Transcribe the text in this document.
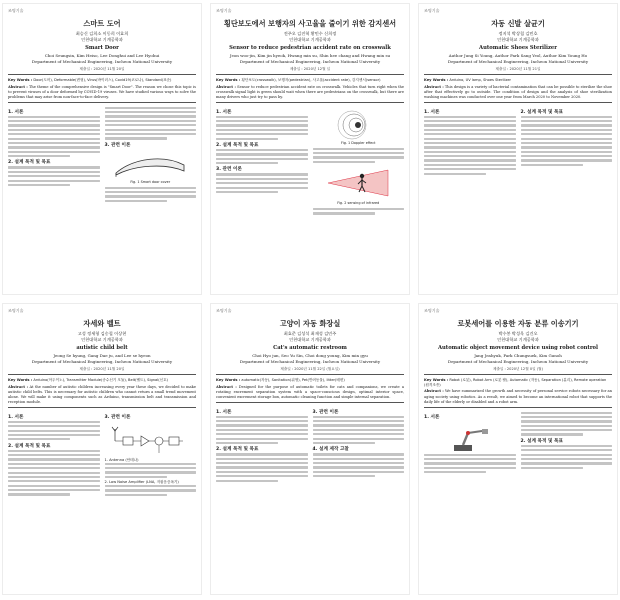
조명기술
스마트 도어
최승신 김희소 이동희 이효희
인천대학교 기계공학과
Smart Door
Choi Seungsin, Kim Heiso, Lee Donghui and Lee Hyohui
Department of Mechanical Engineering, Incheon National University
제출일 : 2020년 11월 20일
Key Words : Door(도어), Deformable(변형), Virus(바이러스), Covid19(코로나), Standard(표준)
Abstract : The theme of the comprehensive design is "Smart Door". The reason we chose this topic is to prevent viruses of a door deformed by COVID-19 viruses. We have studied various ways to solve the problems that may arise from non-face-to-face delivery.
1. 서론
2. 설계 목적 및 목표
3. 관련 이론
Fig. 1 Smart door cover
조명기술
횡단보도에서 보행자의 사고율을 줄이기 위한 감지센서
전주오 김진혁 황민수 신희정
인천대학교 기계공학과
Sensor to reduce pedestrian accident rate on crosswalk
Jeon woo-jin, Kim jin hyeok, Hwang min su, Shin hee chang and Hwang min su
Department of Mechanical Engineering, Incheon National University
제출일 : 2020년 12월 일
Key Words : 횡단보도(crosswalk), 보행자(pedestrian), 사고율(accident rate), 감지센서(sensor)
Abstract : Sensor to reduce pedestrian accident rate on crosswalk. Vehicles that turn right when the crosswalk signal light is green should wait when there are pedestrians on the crosswalk, but there are many drivers who just try to pass by.
1. 서론
2. 설계 목적 및 목표
3. 관련 이론
Fig. 1 Doppler effect
Fig. 2 sensing of infrared
조명기술
자동 신발 살균기
정지석 박상철 김민호
인천대학교 기계공학과
Automatic Shoes Sterilizer
Author Jung Si Young, Author Park Sang Yeol, Author Kim Young Ho
Department of Mechanical Engineering, Incheon National University
제출일 : 2020년 11월 21일
Key Words : Arduino, UV lamp, Shoes Sterilizer
Abstract : This design is a variety of bacterial contamination that can be possible to sterilize the shoe after that effectively go to outside. The condition of design and the analysis of shoe sterilization washing machines was conducted over one year from March 2020 to November 2020.
1. 서론	2. 설계 목적 및 목표
조명기술
자세와 벨트
고성 정세형 김숭철 이상현
인천대학교 기계공학과
autistic child belt
Jeong Se hyung, Gang Dae ju, and Lee se hyeon
Department of Mechanical Engineering, Incheon National University
제출일 : 2020년 11월 20일
Key Words : Arduino(아두이노), Transmitter Module(송수신기 모듈), Belt(벨트), Signal(신호)
Abstract : At the number of autistic children increasing every year these days, we decided to make autistic child belts. This is necessary for autistic children who cannot return a small trend movement alone. We will make it using components such as Arduino, transmission belt and transmission and reception module.
1. 서론
2. 설계 목적 및 목표
3. 관련 이론
1. Antenna (안테나)
2. Low Noise Amplifier (LNA, 저잡음증폭기)
조명기술
고양이 자동 화장실
최효준 김성석 최재성 김민주
인천대학교 기계공학과
Cat's automatic restroom
Choi Hyo jun, Seo Yu Sin, Choi dong young, Kim min gyu
Department of Mechanical Engineering, Incheon National University
제출일 : 2020년 11월 22일 (월요일)
Key Words : automatic(자동), Sanitation(위생), Pet(반려동물), litter(배변)
Abstract : Designed for the purpose of automatic toilets for cats and companions, we create a rotating excrement separation system with a space-conscious design, optimal interior space, convenient excrement storage box, automatic cleaning function and simple internal separation.
1. 서론
2. 설계 목적 및 목표
3. 관련 이론
4. 설계 제작 고찰
조명기술
로봇세어를 이용한 자동 분류 이송기기
박수봉 박성욱 김건오
인천대학교 기계공학과
Automatic object movement device using robot control
Jang Jeahyuk, Park Chungsuek, Kim Gunoh
Department of Mechanical Engineering, Incheon National University
제출일 : 2020년 12월 0일 (월)
Key Words : Robot (로봇), Robot Arm (로봇 팔), Automatic (자동), Separation (분리), Remote operation (원격조종)
Abstract : We have summarized the growth and necessity of personal service robots necessary for an aging society using robotics. As a result, we aimed to become an international robot that supports the daily life of the elderly or disabled and a robot arm.
1. 서론
2. 설계 목적 및 목표
